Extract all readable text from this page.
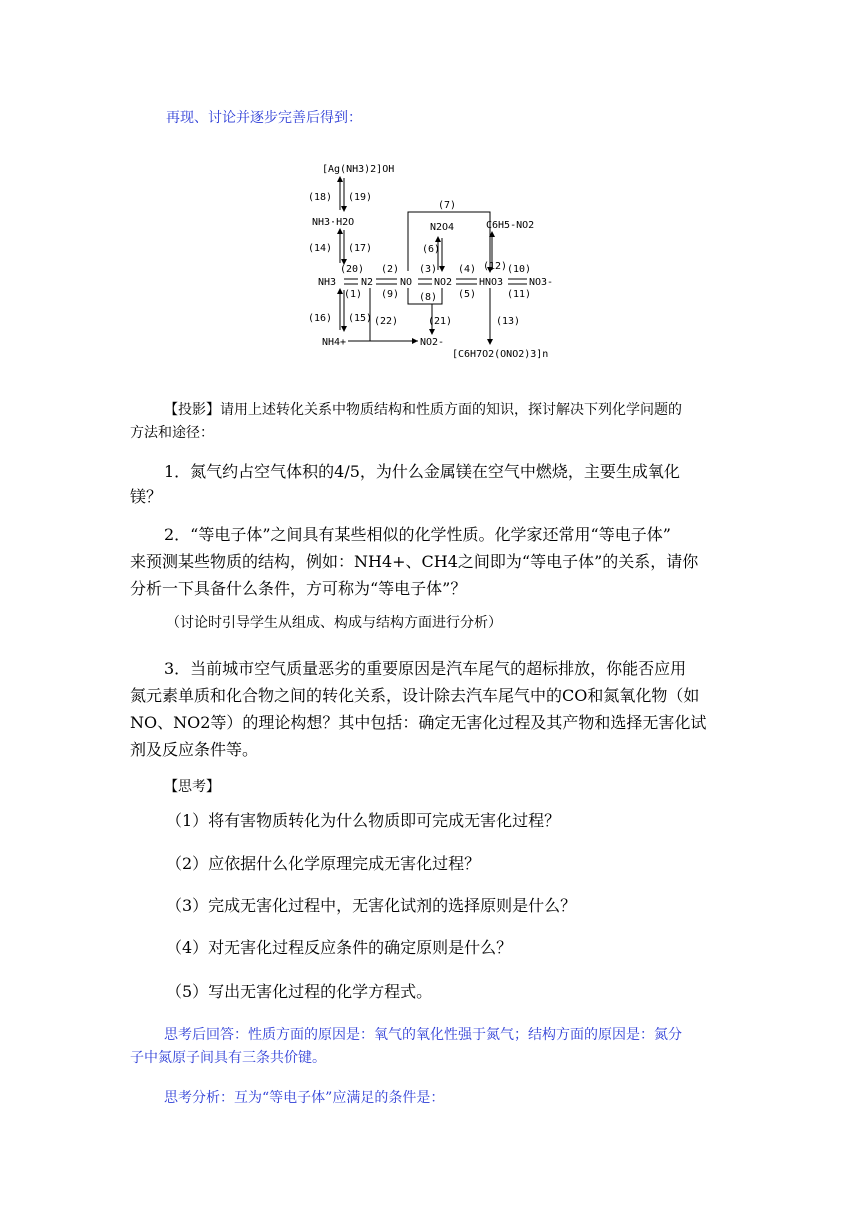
再现、讨论并逐步完善后得到：
[Ag(NH3)2]OH
NH3·H2O	N2O4	C6H5-NO2
NH3 N2	NO NO2	HNO3	NO3-
NH4+	NO2-
[C6H7O2(ONO2)3]n
(18) (19)
(14) (17)
(20)
(1)
(2)
(9)
(3)
(8)
(4)
(5)
(7)
(6)
(12) (10)
(11)
(16) (15) (22)	(21)	(13)
【投影】请用上述转化关系中物质结构和性质方面的知识，探讨解决下列化学问题的
方法和途径：
1．氮气约占空气体积的4/5，为什么金属镁在空气中燃烧，主要生成氧化
镁？
2．“等电子体”之间具有某些相似的化学性质。化学家还常用“等电子体”
来预测某些物质的结构，例如：NH4+、CH4之间即为“等电子体”的关系，请你
分析一下具备什么条件，方可称为“等电子体”？
（讨论时引导学生从组成、构成与结构方面进行分析）
3．当前城市空气质量恶劣的重要原因是汽车尾气的超标排放，你能否应用
氮元素单质和化合物之间的转化关系，设计除去汽车尾气中的CO和氮氧化物（如
NO、NO2等）的理论构想？其中包括：确定无害化过程及其产物和选择无害化试
剂及反应条件等。
【思考】
（1）将有害物质转化为什么物质即可完成无害化过程？
（2）应依据什么化学原理完成无害化过程？
（3）完成无害化过程中，无害化试剂的选择原则是什么？
（4）对无害化过程反应条件的确定原则是什么？
（5）写出无害化过程的化学方程式。
思考后回答：性质方面的原因是：氧气的氧化性强于氮气；结构方面的原因是：氮分
子中氮原子间具有三条共价键。
思考分析：互为“等电子体”应满足的条件是：
